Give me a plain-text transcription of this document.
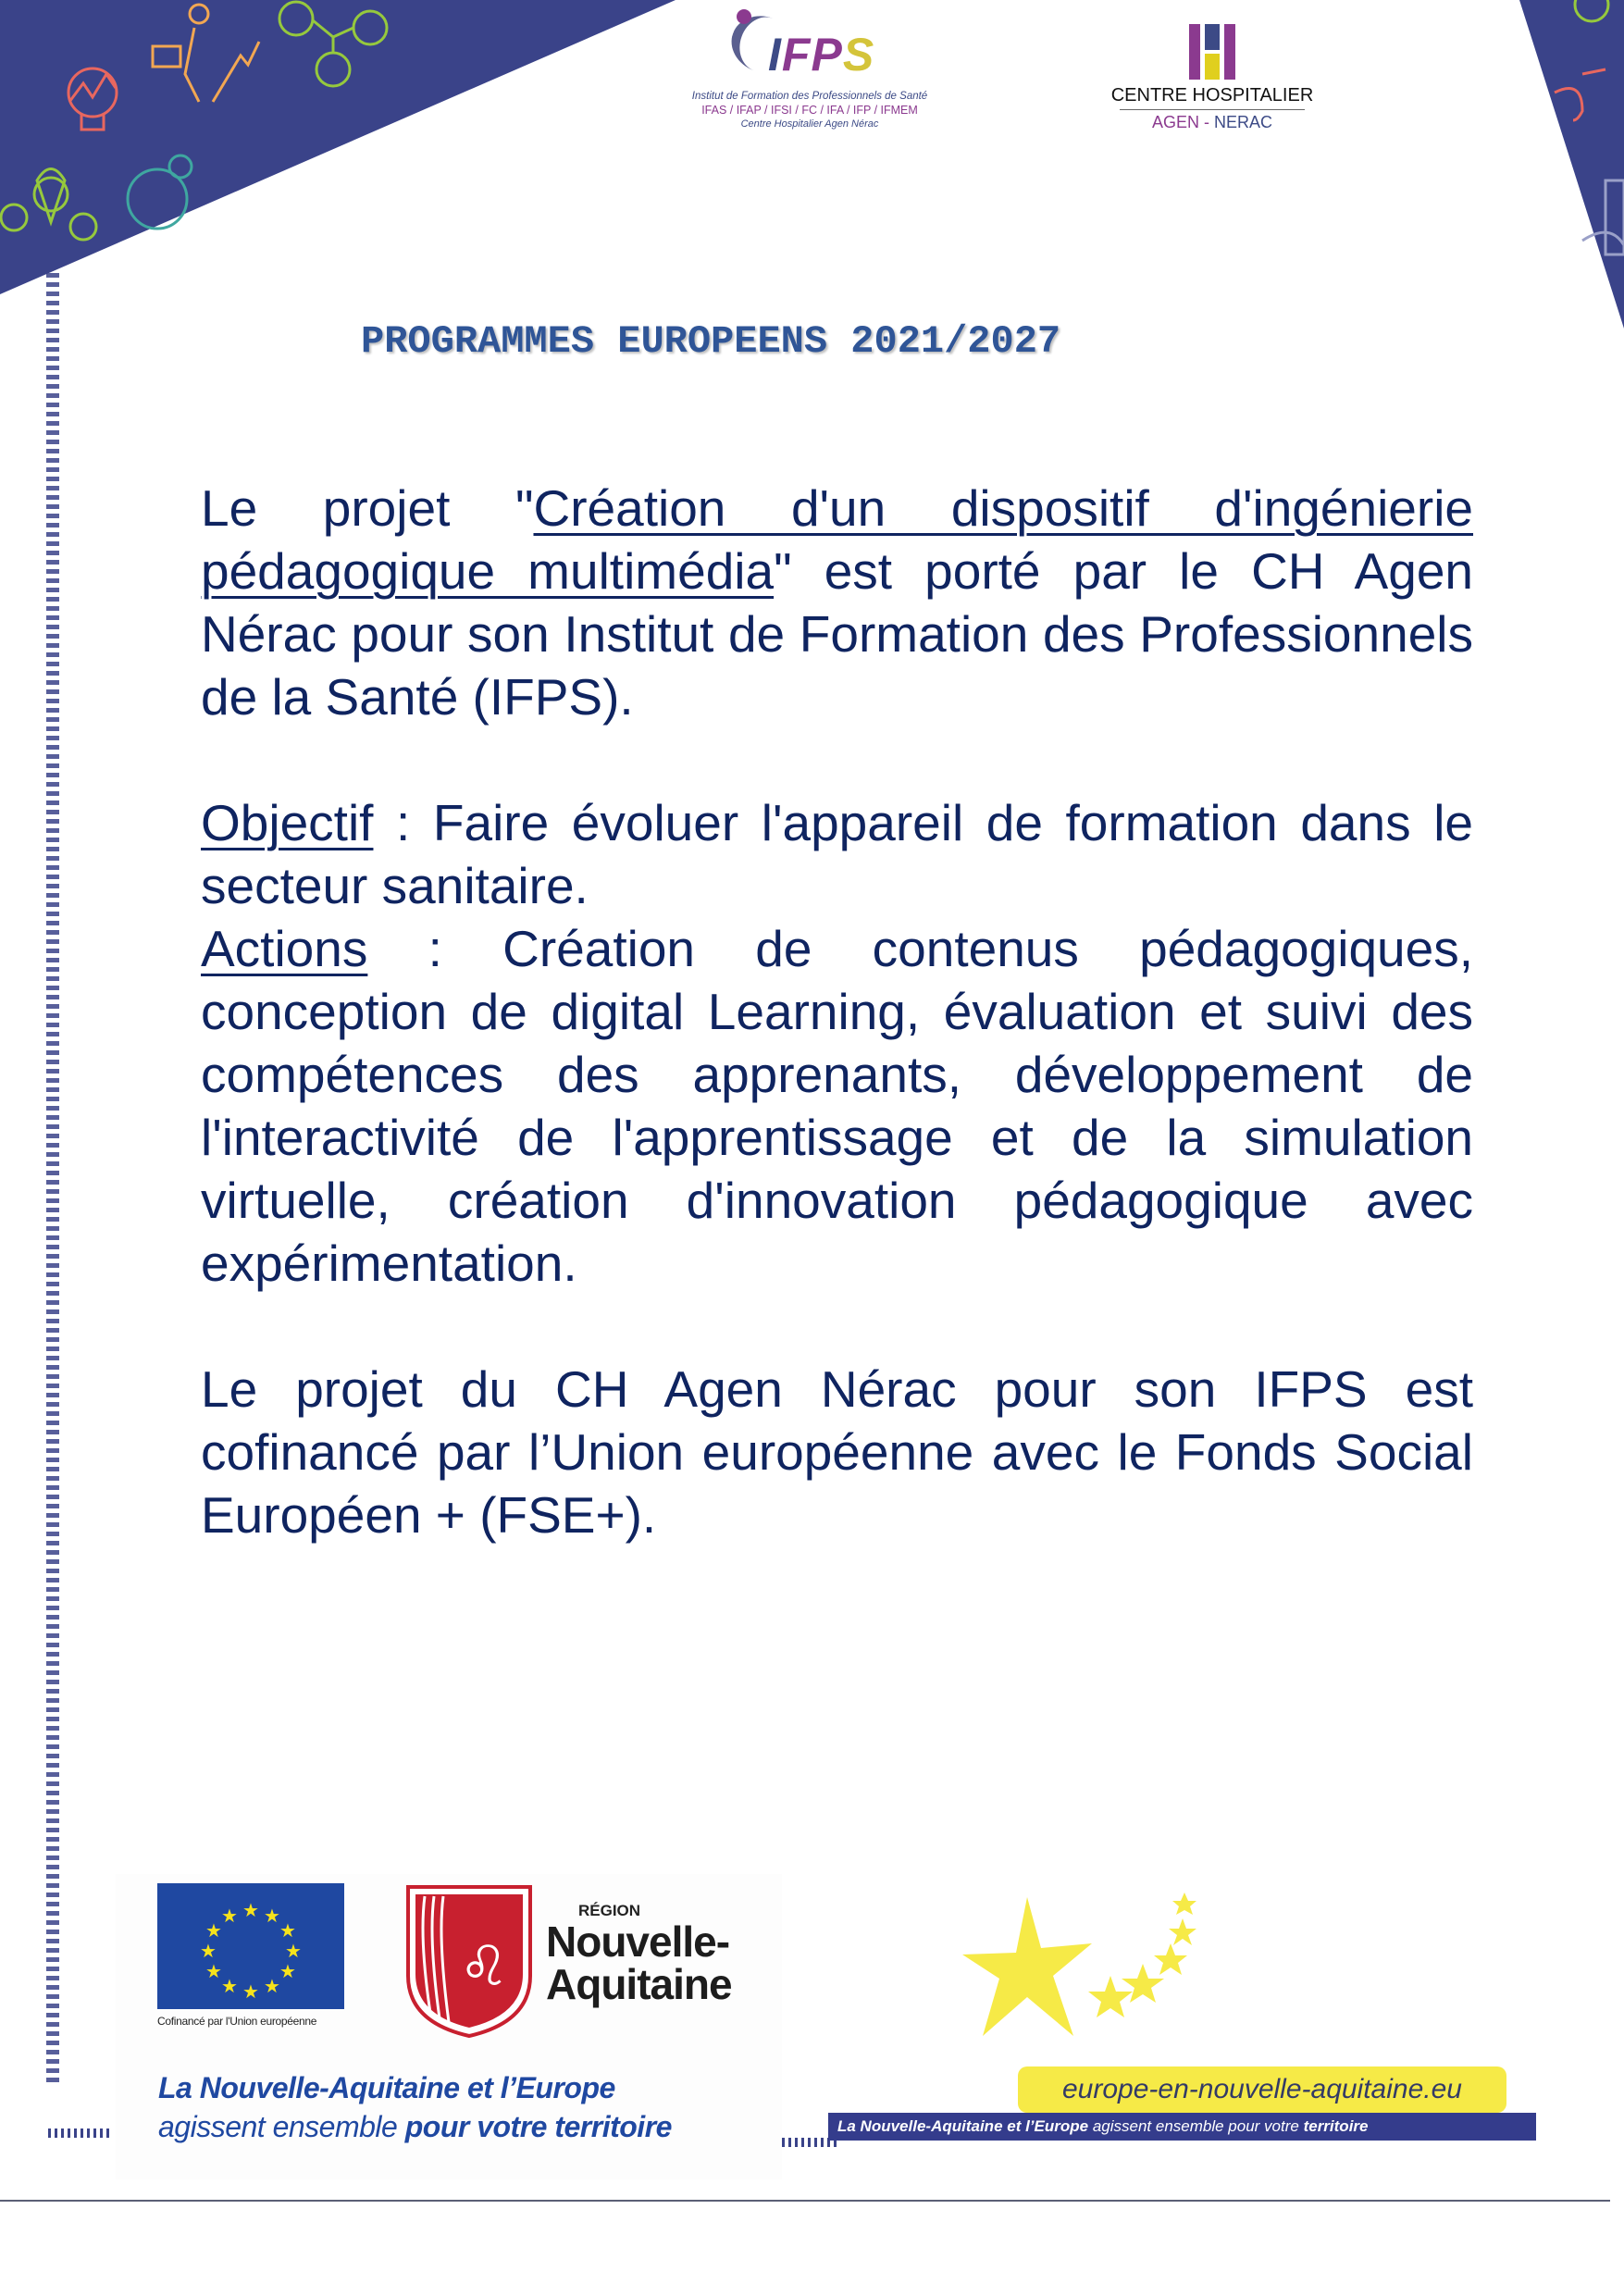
IFPS
Institut de Formation des Professionnels de Santé
IFAS / IFAP / IFSI / FC / IFA / IFP / IFMEM
Centre Hospitalier Agen Nérac
CENTRE HOSPITALIER
AGEN - NERAC
PROGRAMMES EUROPEENS 2021/2027

Le projet "Création d'un dispositif d'ingénierie pédagogique multimédia" est porté par le CH Agen Nérac pour son Institut de Formation des Professionnels de la Santé (IFPS).

Objectif : Faire évoluer l'appareil de formation dans le secteur sanitaire.

Actions : Création de contenus pédagogiques, conception de digital Learning, évaluation et suivi des compétences des apprenants, développement de l'interactivité de l'apprentissage et de la simulation virtuelle, création d'innovation pédagogique avec expérimentation.

Le projet du CH Agen Nérac pour son IFPS est cofinancé par l’Union européenne avec le Fonds Social Européen + (FSE+).

★ ★
★
★
★
★
★
★
★
★
★
★
Cofinancé par l'Union européenne
♌
RÉGION
Nouvelle-
Aquitaine
La Nouvelle-Aquitaine et l’Europe
agissent ensemble pour votre territoire
europe-en-nouvelle-aquitaine.eu
La Nouvelle-Aquitaine et l’Europe agissent ensemble pour votre territoire
